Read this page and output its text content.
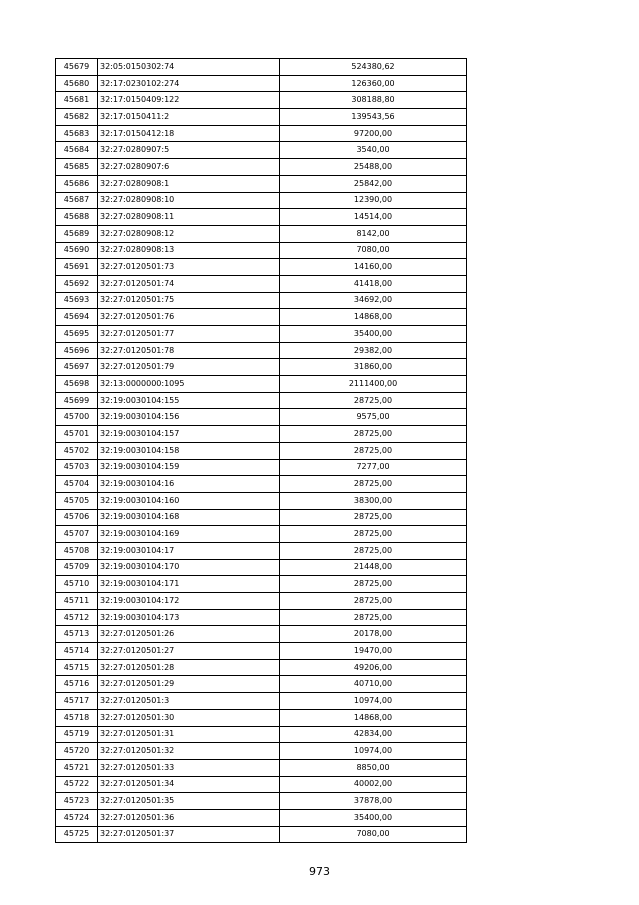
45679	32:05:0150302:74	524380,62
45680	32:17:0230102:274	126360,00
45681	32:17:0150409:122	308188,80
45682	32:17:0150411:2	139543,56
45683	32:17:0150412:18	97200,00
45684	32:27:0280907:5	3540,00
45685	32:27:0280907:6	25488,00
45686	32:27:0280908:1	25842,00
45687	32:27:0280908:10	12390,00
45688	32:27:0280908:11	14514,00
45689	32:27:0280908:12	8142,00
45690	32:27:0280908:13	7080,00
45691	32:27:0120501:73	14160,00
45692	32:27:0120501:74	41418,00
45693	32:27:0120501:75	34692,00
45694	32:27:0120501:76	14868,00
45695	32:27:0120501:77	35400,00
45696	32:27:0120501:78	29382,00
45697	32:27:0120501:79	31860,00
45698	32:13:0000000:1095	2111400,00
45699	32:19:0030104:155	28725,00
45700	32:19:0030104:156	9575,00
45701	32:19:0030104:157	28725,00
45702	32:19:0030104:158	28725,00
45703	32:19:0030104:159	7277,00
45704	32:19:0030104:16	28725,00
45705	32:19:0030104:160	38300,00
45706	32:19:0030104:168	28725,00
45707	32:19:0030104:169	28725,00
45708	32:19:0030104:17	28725,00
45709	32:19:0030104:170	21448,00
45710	32:19:0030104:171	28725,00
45711	32:19:0030104:172	28725,00
45712	32:19:0030104:173	28725,00
45713	32:27:0120501:26	20178,00
45714	32:27:0120501:27	19470,00
45715	32:27:0120501:28	49206,00
45716	32:27:0120501:29	40710,00
45717	32:27:0120501:3	10974,00
45718	32:27:0120501:30	14868,00
45719	32:27:0120501:31	42834,00
45720	32:27:0120501:32	10974,00
45721	32:27:0120501:33	8850,00
45722	32:27:0120501:34	40002,00
45723	32:27:0120501:35	37878,00
45724	32:27:0120501:36	35400,00
45725	32:27:0120501:37	7080,00
973
